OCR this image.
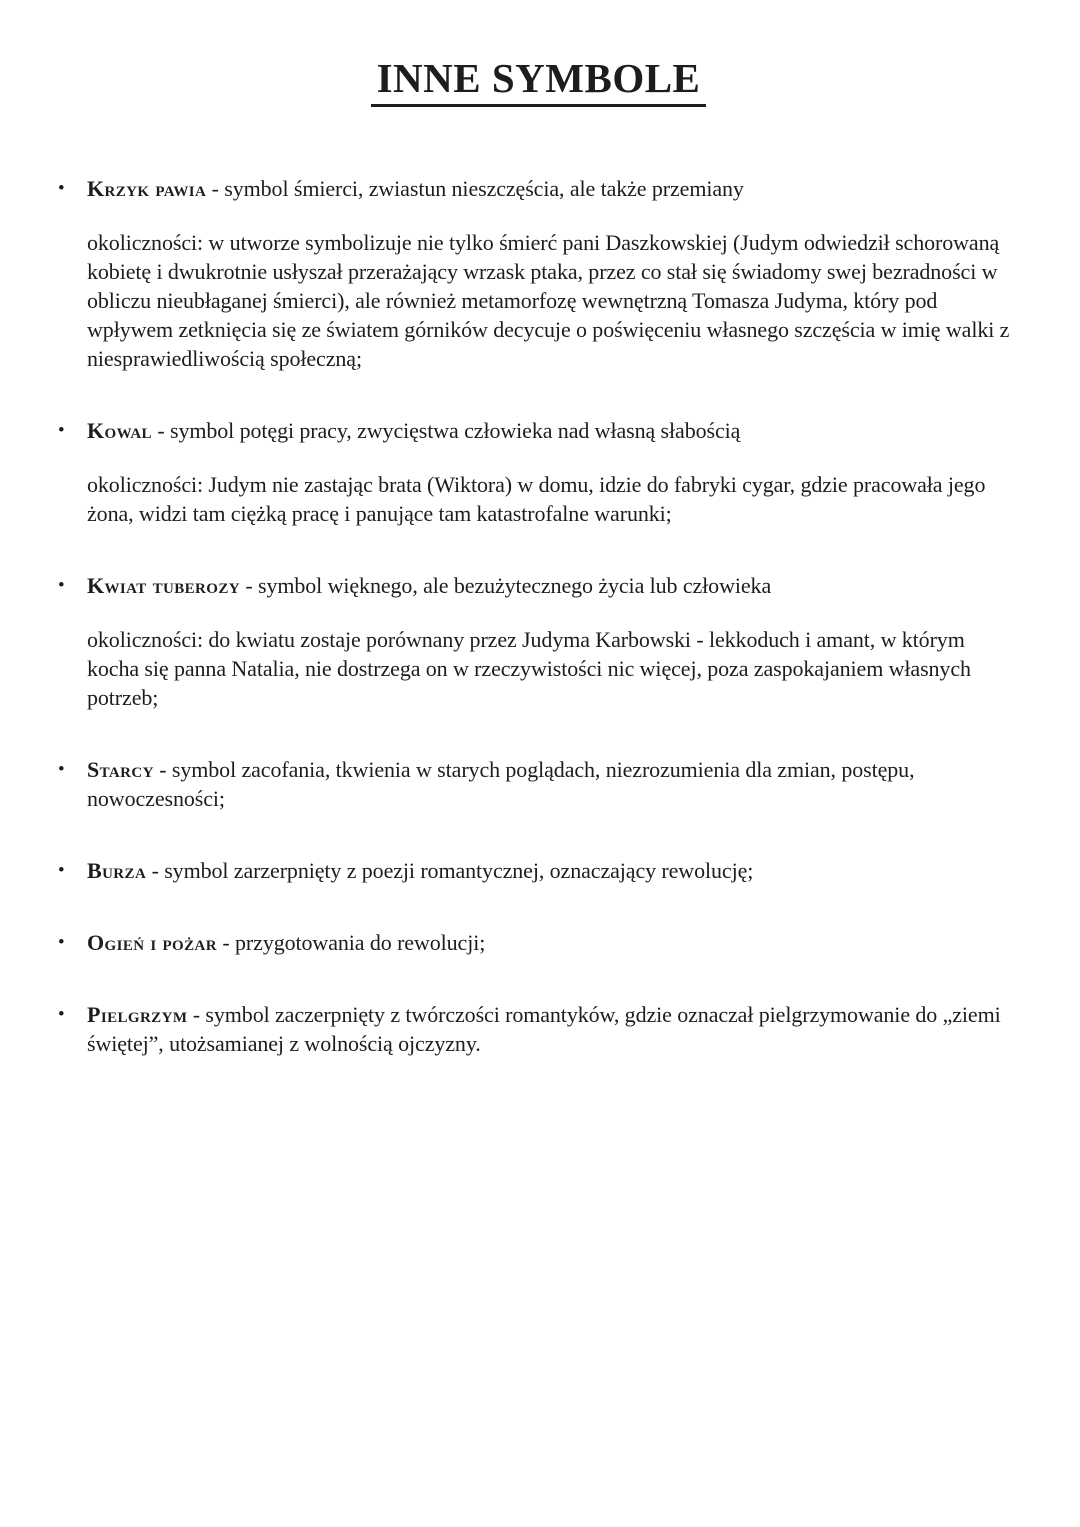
INNE SYMBOLE
•	Krzyk pawia - symbol śmierci, zwiastun nieszczęścia, ale także przemiany
okoliczności: w utworze symbolizuje nie tylko śmierć pani Daszkowskiej (Judym odwiedził schorowaną kobietę i dwukrotnie usłyszał przerażający wrzask ptaka, przez co stał się świadomy swej bezradności w obliczu nieubłaganej śmierci), ale również metamorfozę wewnętrzną Tomasza Judyma, który pod wpływem zetknięcia się ze światem górników decycuje o poświęceniu własnego szczęścia w imię walki z niesprawiedliwością społeczną;
•	Kowal - symbol potęgi pracy, zwycięstwa człowieka nad własną słabością
okoliczności: Judym nie zastając brata (Wiktora) w domu, idzie do fabryki cygar, gdzie pracowała jego żona, widzi tam ciężką pracę i panujące tam katastrofalne warunki;
•	Kwiat tuberozy - symbol więknego, ale bezużytecznego życia lub człowieka
okoliczności: do kwiatu zostaje porównany przez Judyma Karbowski - lekkoduch i amant, w którym kocha się panna Natalia, nie dostrzega on w rzeczywistości nic więcej, poza zaspokajaniem własnych potrzeb;
•	Starcy - symbol zacofania, tkwienia w starych poglądach, niezrozumienia dla zmian, postępu, nowoczesności;
•	Burza - symbol zarzerpnięty z poezji romantycznej, oznaczający rewolucję;
•	Ogień i pożar - przygotowania do rewolucji;
•	Pielgrzym - symbol zaczerpnięty z twórczości romantyków, gdzie oznaczał pielgrzymowanie do „ziemi świętej”, utożsamianej z wolnością ojczyzny.
